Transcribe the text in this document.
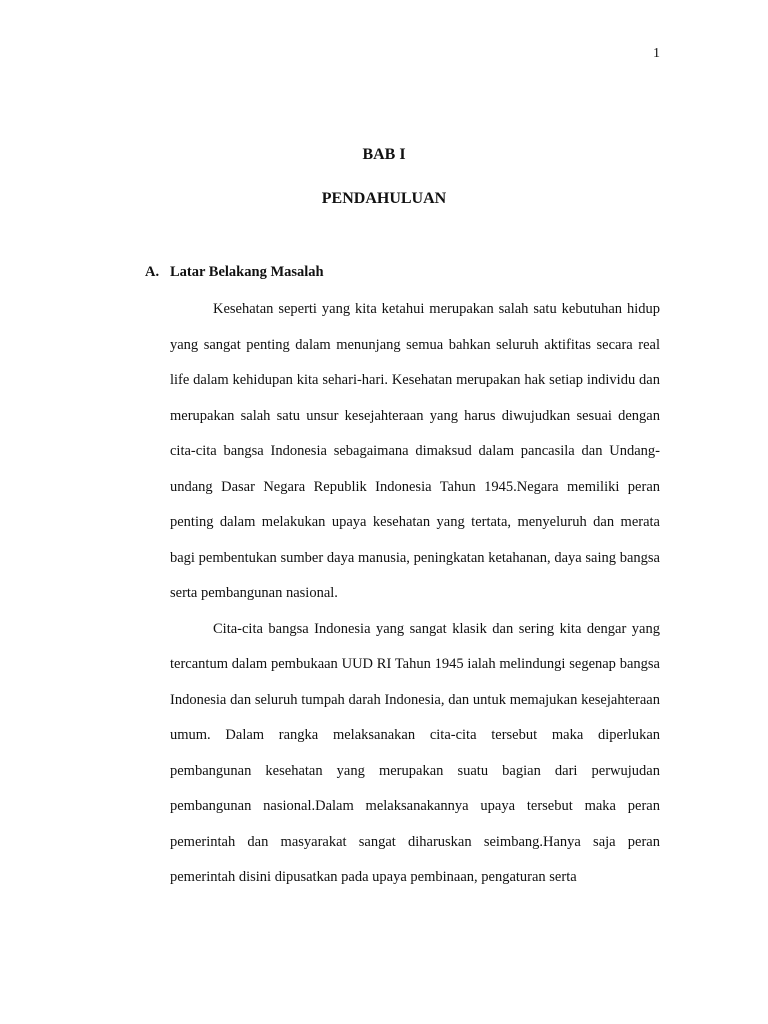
1
BAB I
PENDAHULUAN
A. Latar Belakang Masalah

Kesehatan seperti yang kita ketahui merupakan salah satu kebutuhan hidup yang sangat penting dalam menunjang semua bahkan seluruh aktifitas secara real life dalam kehidupan kita sehari-hari. Kesehatan merupakan hak setiap individu dan merupakan salah satu unsur kesejahteraan yang harus diwujudkan sesuai dengan cita-cita bangsa Indonesia sebagaimana dimaksud dalam pancasila dan Undang-undang Dasar Negara Republik Indonesia Tahun 1945.Negara memiliki peran penting dalam melakukan upaya kesehatan yang tertata, menyeluruh dan merata bagi pembentukan sumber daya manusia, peningkatan ketahanan, daya saing bangsa serta pembangunan nasional.

Cita-cita bangsa Indonesia yang sangat klasik dan sering kita dengar yang tercantum dalam pembukaan UUD RI Tahun 1945 ialah melindungi segenap bangsa Indonesia dan seluruh tumpah darah Indonesia, dan untuk memajukan kesejahteraan umum. Dalam rangka melaksanakan cita-cita tersebut maka diperlukan pembangunan kesehatan yang merupakan suatu bagian dari perwujudan pembangunan nasional.Dalam melaksanakannya upaya tersebut maka peran pemerintah dan masyarakat sangat diharuskan seimbang.Hanya saja peran pemerintah disini dipusatkan pada upaya pembinaan, pengaturan serta
